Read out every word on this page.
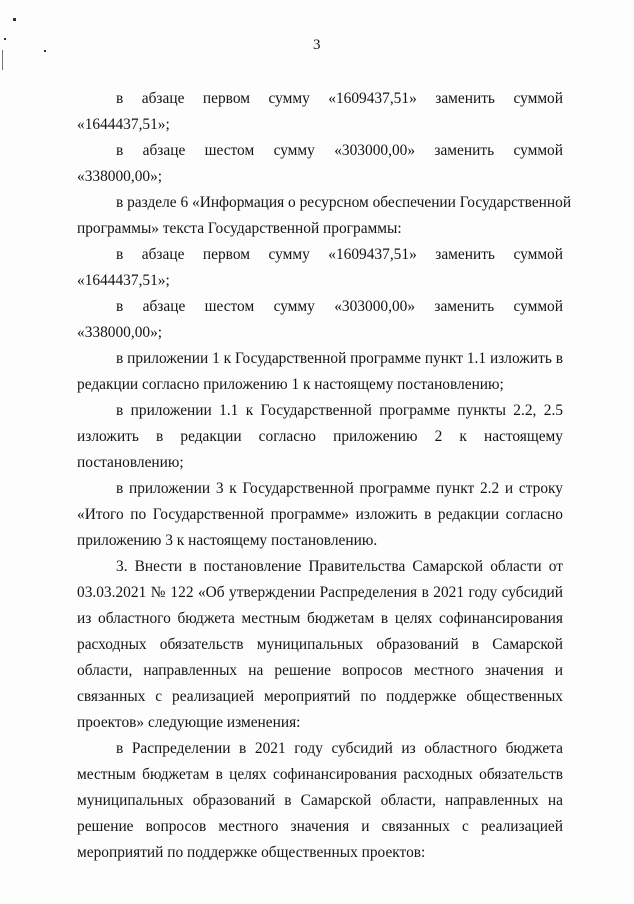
3

в абзаце первом сумму «1609437,51» заменить суммой
«1644437,51»;

в абзаце шестом сумму «303000,00» заменить суммой
«338000,00»;

в разделе 6 «Информация о ресурсном обеспечении Государственной
программы» текста Государственной программы:

в абзаце первом сумму «1609437,51» заменить суммой
«1644437,51»;

в абзаце шестом сумму «303000,00» заменить суммой
«338000,00»;

в приложении 1 к Государственной программе пункт 1.1 изложить в
редакции согласно приложению 1 к настоящему постановлению;

в приложении 1.1 к Государственной программе пункты 2.2, 2.5
изложить в редакции согласно приложению 2 к настоящему
постановлению;

в приложении 3 к Государственной программе пункт 2.2 и строку
«Итого по Государственной программе» изложить в редакции согласно
приложению 3 к настоящему постановлению.

3. Внести в постановление Правительства Самарской области от
03.03.2021 № 122 «Об утверждении Распределения в 2021 году субсидий
из областного бюджета местным бюджетам в целях софинансирования
расходных обязательств муниципальных образований в Самарской
области, направленных на решение вопросов местного значения и
связанных с реализацией мероприятий по поддержке общественных
проектов» следующие изменения:

в Распределении в 2021 году субсидий из областного бюджета
местным бюджетам в целях софинансирования расходных обязательств
муниципальных образований в Самарской области, направленных на
решение вопросов местного значения и связанных с реализацией
мероприятий по поддержке общественных проектов:
